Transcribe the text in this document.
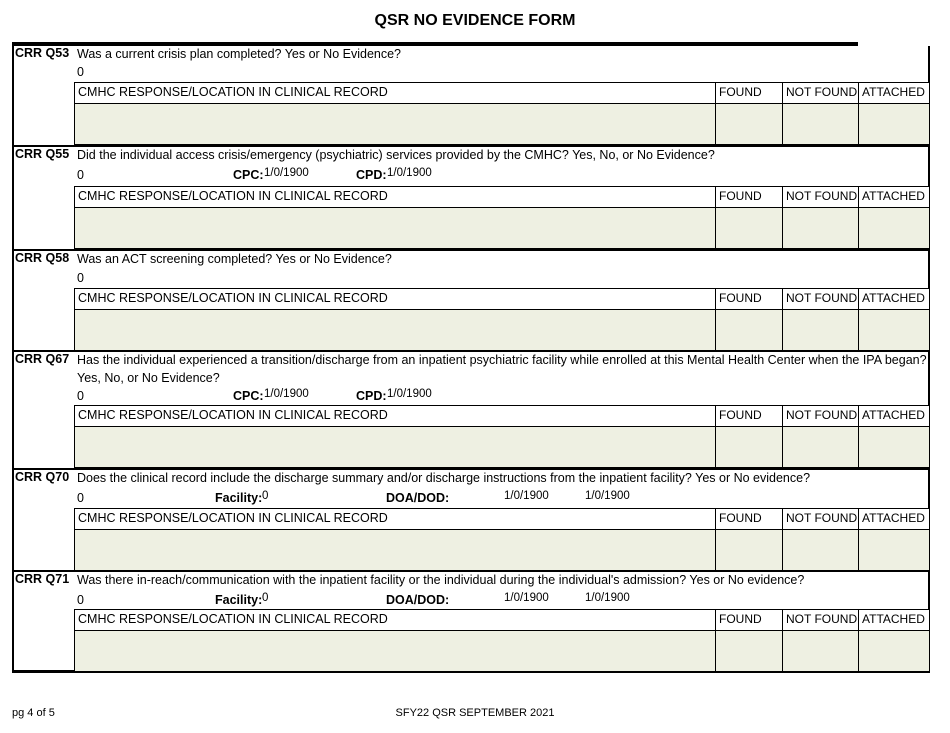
QSR NO EVIDENCE FORM
CRR Q53 Was a current crisis plan completed? Yes or No Evidence?
0
CMHC RESPONSE/LOCATION IN CLINICAL RECORD	FOUND	NOT FOUND ATTACHED
CRR Q55 Did the individual access crisis/emergency (psychiatric) services provided by the CMHC? Yes, No, or No Evidence?
0	CPC: 1/0/1900	CPD: 1/0/1900
CMHC RESPONSE/LOCATION IN CLINICAL RECORD	FOUND	NOT FOUND ATTACHED
CRR Q58 Was an ACT screening completed? Yes or No Evidence?
0
CMHC RESPONSE/LOCATION IN CLINICAL RECORD	FOUND	NOT FOUND ATTACHED
CRR Q67 Has the individual experienced a transition/discharge from an inpatient psychiatric facility while enrolled at this Mental Health Center when the IPA began?
Yes, No, or No Evidence?
0	CPC: 1/0/1900	CPD: 1/0/1900
CMHC RESPONSE/LOCATION IN CLINICAL RECORD	FOUND	NOT FOUND ATTACHED
CRR Q70 Does the clinical record include the discharge summary and/or discharge instructions from the inpatient facility? Yes or No evidence?
0	Facility: 0	DOA/DOD:	1/0/1900	1/0/1900
CMHC RESPONSE/LOCATION IN CLINICAL RECORD	FOUND	NOT FOUND ATTACHED
CRR Q71 Was there in-reach/communication with the inpatient facility or the individual during the individual's admission? Yes or No evidence?
0	Facility: 0	DOA/DOD:	1/0/1900	1/0/1900
CMHC RESPONSE/LOCATION IN CLINICAL RECORD	FOUND	NOT FOUND ATTACHED
pg 4 of 5	SFY22 QSR SEPTEMBER 2021
